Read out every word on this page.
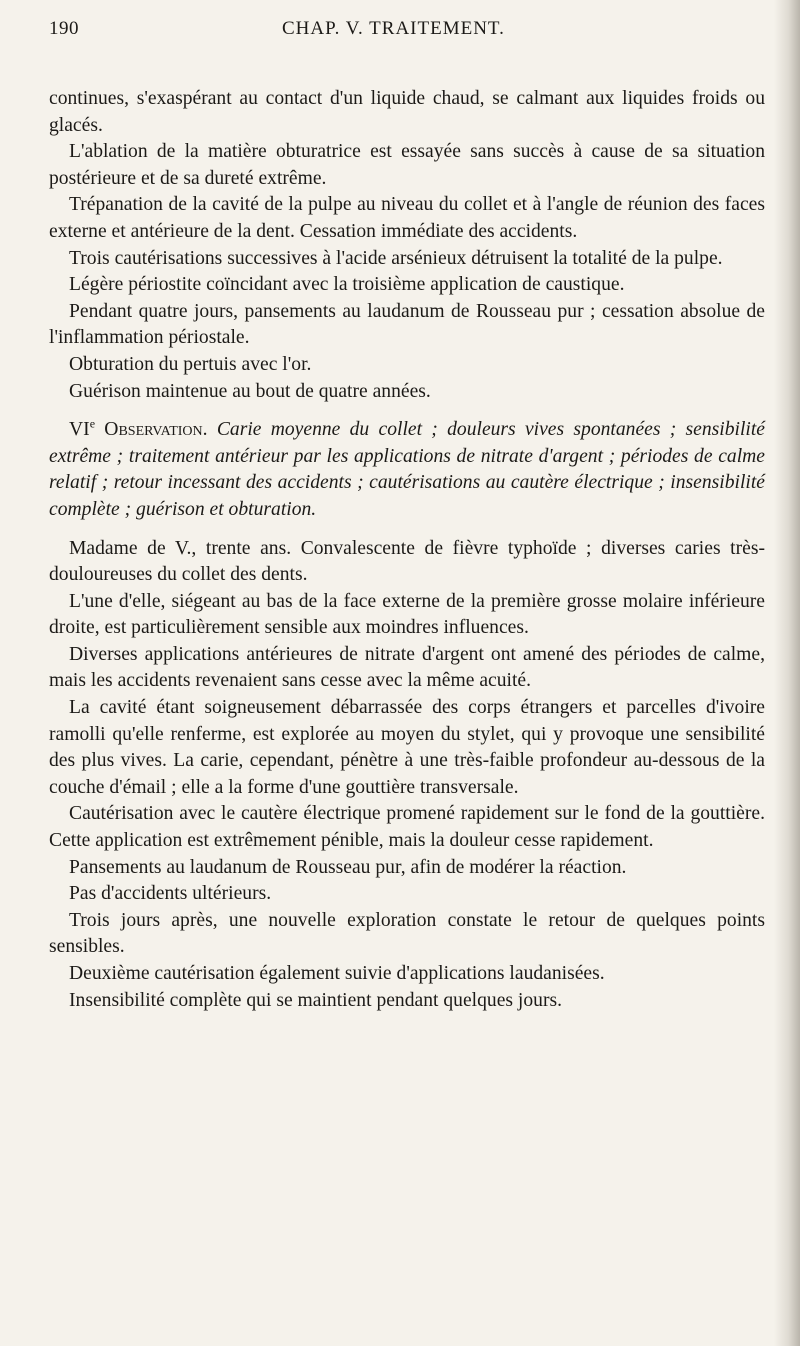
190	CHAP. V. TRAITEMENT.

continues, s'exaspérant au contact d'un liquide chaud, se calmant aux liquides froids ou glacés.

L'ablation de la matière obturatrice est essayée sans succès à cause de sa situation postérieure et de sa dureté extrême.

Trépanation de la cavité de la pulpe au niveau du collet et à l'angle de réunion des faces externe et antérieure de la dent. Cessation immédiate des accidents.

Trois cautérisations successives à l'acide arsénieux détruisent la totalité de la pulpe.

Légère périostite coïncidant avec la troisième application de caustique.

Pendant quatre jours, pansements au laudanum de Rousseau pur ; cessation absolue de l'inflammation périostale.

Obturation du pertuis avec l'or.

Guérison maintenue au bout de quatre années.

VIe Observation. Carie moyenne du collet ; douleurs vives spontanées ; sensibilité extrême ; traitement antérieur par les applications de nitrate d'argent ; périodes de calme relatif ; retour incessant des accidents ; cautérisations au cautère électrique ; insensibilité complète ; guérison et obturation.

Madame de V., trente ans. Convalescente de fièvre typhoïde ; diverses caries très-douloureuses du collet des dents.

L'une d'elle, siégeant au bas de la face externe de la première grosse molaire inférieure droite, est particulièrement sensible aux moindres influences.

Diverses applications antérieures de nitrate d'argent ont amené des périodes de calme, mais les accidents revenaient sans cesse avec la même acuité.

La cavité étant soigneusement débarrassée des corps étrangers et parcelles d'ivoire ramolli qu'elle renferme, est explorée au moyen du stylet, qui y provoque une sensibilité des plus vives. La carie, cependant, pénètre à une très-faible profondeur au-dessous de la couche d'émail ; elle a la forme d'une gouttière transversale.

Cautérisation avec le cautère électrique promené rapidement sur le fond de la gouttière. Cette application est extrêmement pénible, mais la douleur cesse rapidement.

Pansements au laudanum de Rousseau pur, afin de modérer la réaction.

Pas d'accidents ultérieurs.

Trois jours après, une nouvelle exploration constate le retour de quelques points sensibles.

Deuxième cautérisation également suivie d'applications laudanisées.

Insensibilité complète qui se maintient pendant quelques jours.
